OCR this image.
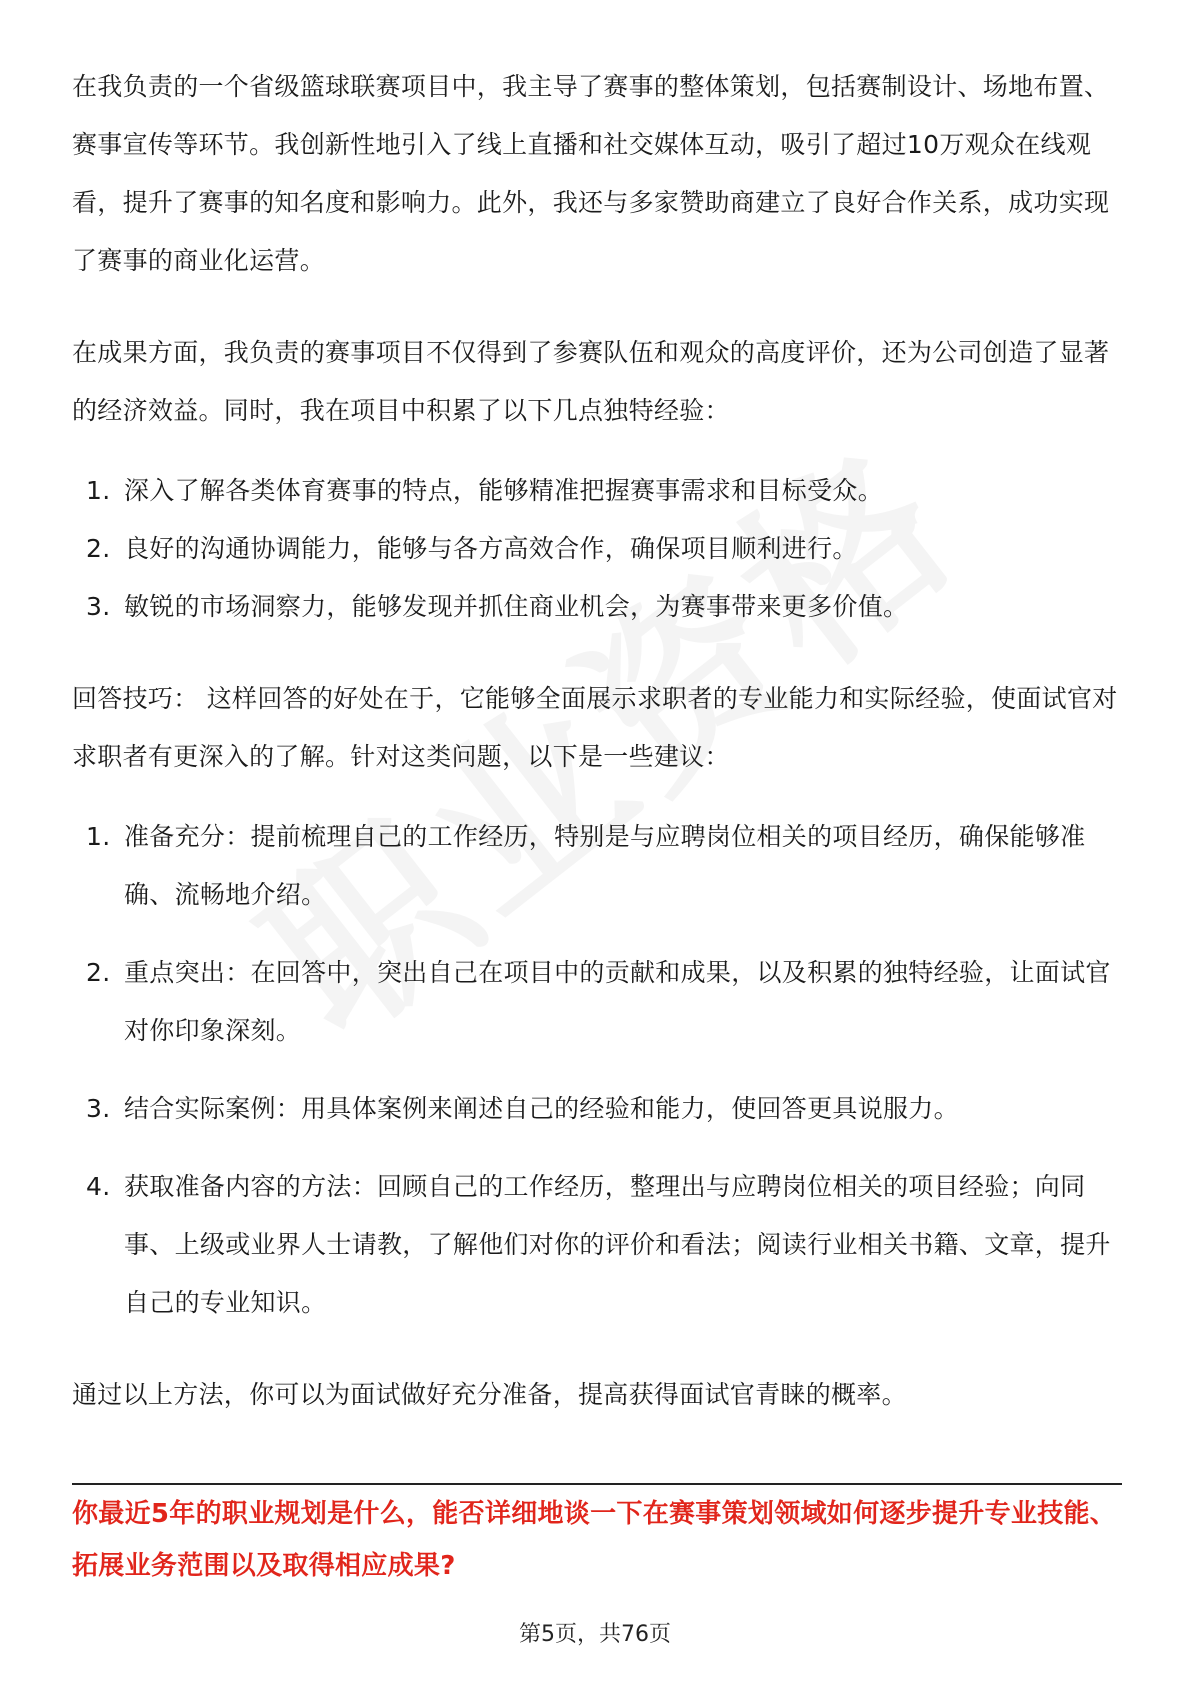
在我负责的一个省级篮球联赛项目中，我主导了赛事的整体策划，包括赛制设计、场地布置、赛事宣传等环节。我创新性地引入了线上直播和社交媒体互动，吸引了超过10万观众在线观看，提升了赛事的知名度和影响力。此外，我还与多家赞助商建立了良好合作关系，成功实现了赛事的商业化运营。

在成果方面，我负责的赛事项目不仅得到了参赛队伍和观众的高度评价，还为公司创造了显著的经济效益。同时，我在项目中积累了以下几点独特经验：

1. 深入了解各类体育赛事的特点，能够精准把握赛事需求和目标受众。
2. 良好的沟通协调能力，能够与各方高效合作，确保项目顺利进行。
3. 敏锐的市场洞察力，能够发现并抓住商业机会，为赛事带来更多价值。

回答技巧： 这样回答的好处在于，它能够全面展示求职者的专业能力和实际经验，使面试官对求职者有更深入的了解。针对这类问题，以下是一些建议：

1. 准备充分：提前梳理自己的工作经历，特别是与应聘岗位相关的项目经历，确保能够准确、流畅地介绍。
2. 重点突出：在回答中，突出自己在项目中的贡献和成果，以及积累的独特经验，让面试官对你印象深刻。
3. 结合实际案例：用具体案例来阐述自己的经验和能力，使回答更具说服力。
4. 获取准备内容的方法：回顾自己的工作经历，整理出与应聘岗位相关的项目经验；向同事、上级或业界人士请教，了解他们对你的评价和看法；阅读行业相关书籍、文章，提升自己的专业知识。

通过以上方法，你可以为面试做好充分准备，提高获得面试官青睐的概率。

你最近5年的职业规划是什么，能否详细地谈一下在赛事策划领域如何逐步提升专业技能、拓展业务范围以及取得相应成果?

第5页，共76页
